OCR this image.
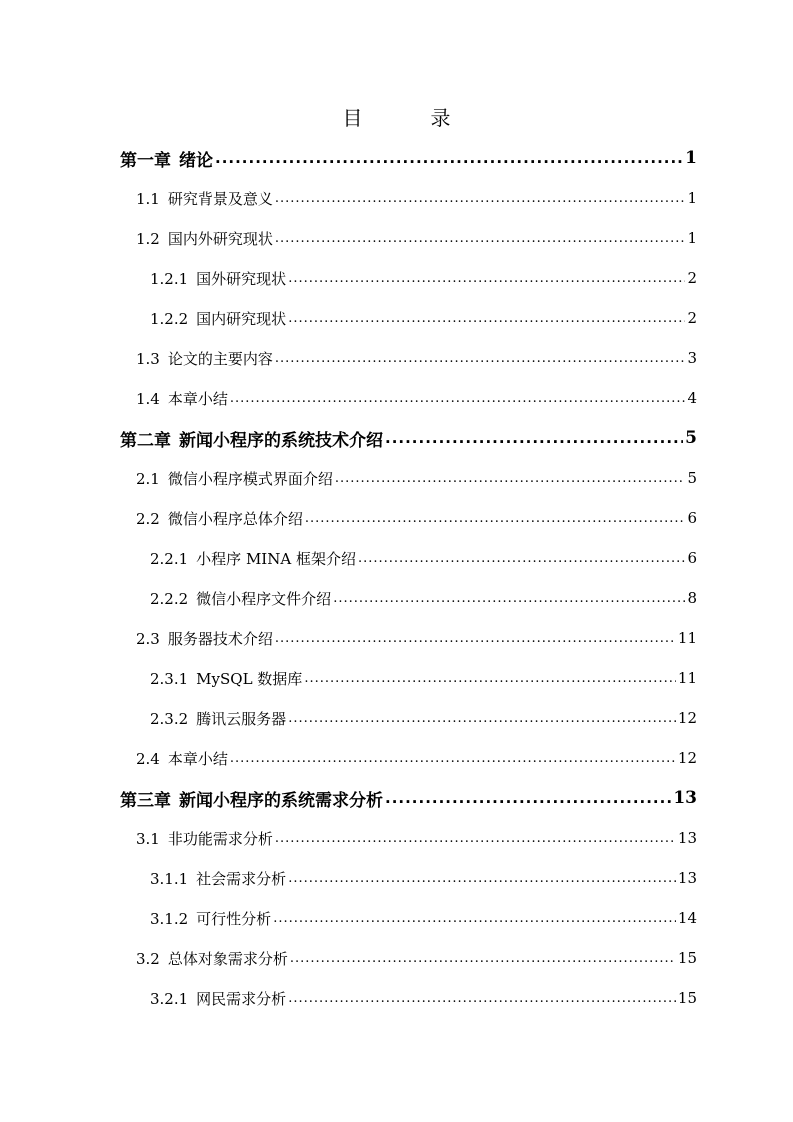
目　录
第一章 绪论 .....	1
1.1 研究背景及意义 .....	1
1.2 国内外研究现状 .....	1
1.2.1 国外研究现状 .....	2
1.2.2 国内研究现状 .....	2
1.3 论文的主要内容 .....	3
1.4 本章小结 .....	4
第二章 新闻小程序的系统技术介绍 .....	5
2.1 微信小程序模式界面介绍 .....	5
2.2 微信小程序总体介绍 .....	6
2.2.1 小程序 MINA 框架介绍 .....	6
2.2.2 微信小程序文件介绍 .....	8
2.3 服务器技术介绍 .....	11
2.3.1 MySQL 数据库 .....	11
2.3.2 腾讯云服务器 .....	12
2.4 本章小结 .....	12
第三章 新闻小程序的系统需求分析 .....	13
3.1 非功能需求分析 .....	13
3.1.1 社会需求分析 .....	13
3.1.2 可行性分析 .....	14
3.2 总体对象需求分析 .....	15
3.2.1 网民需求分析 .....	15
